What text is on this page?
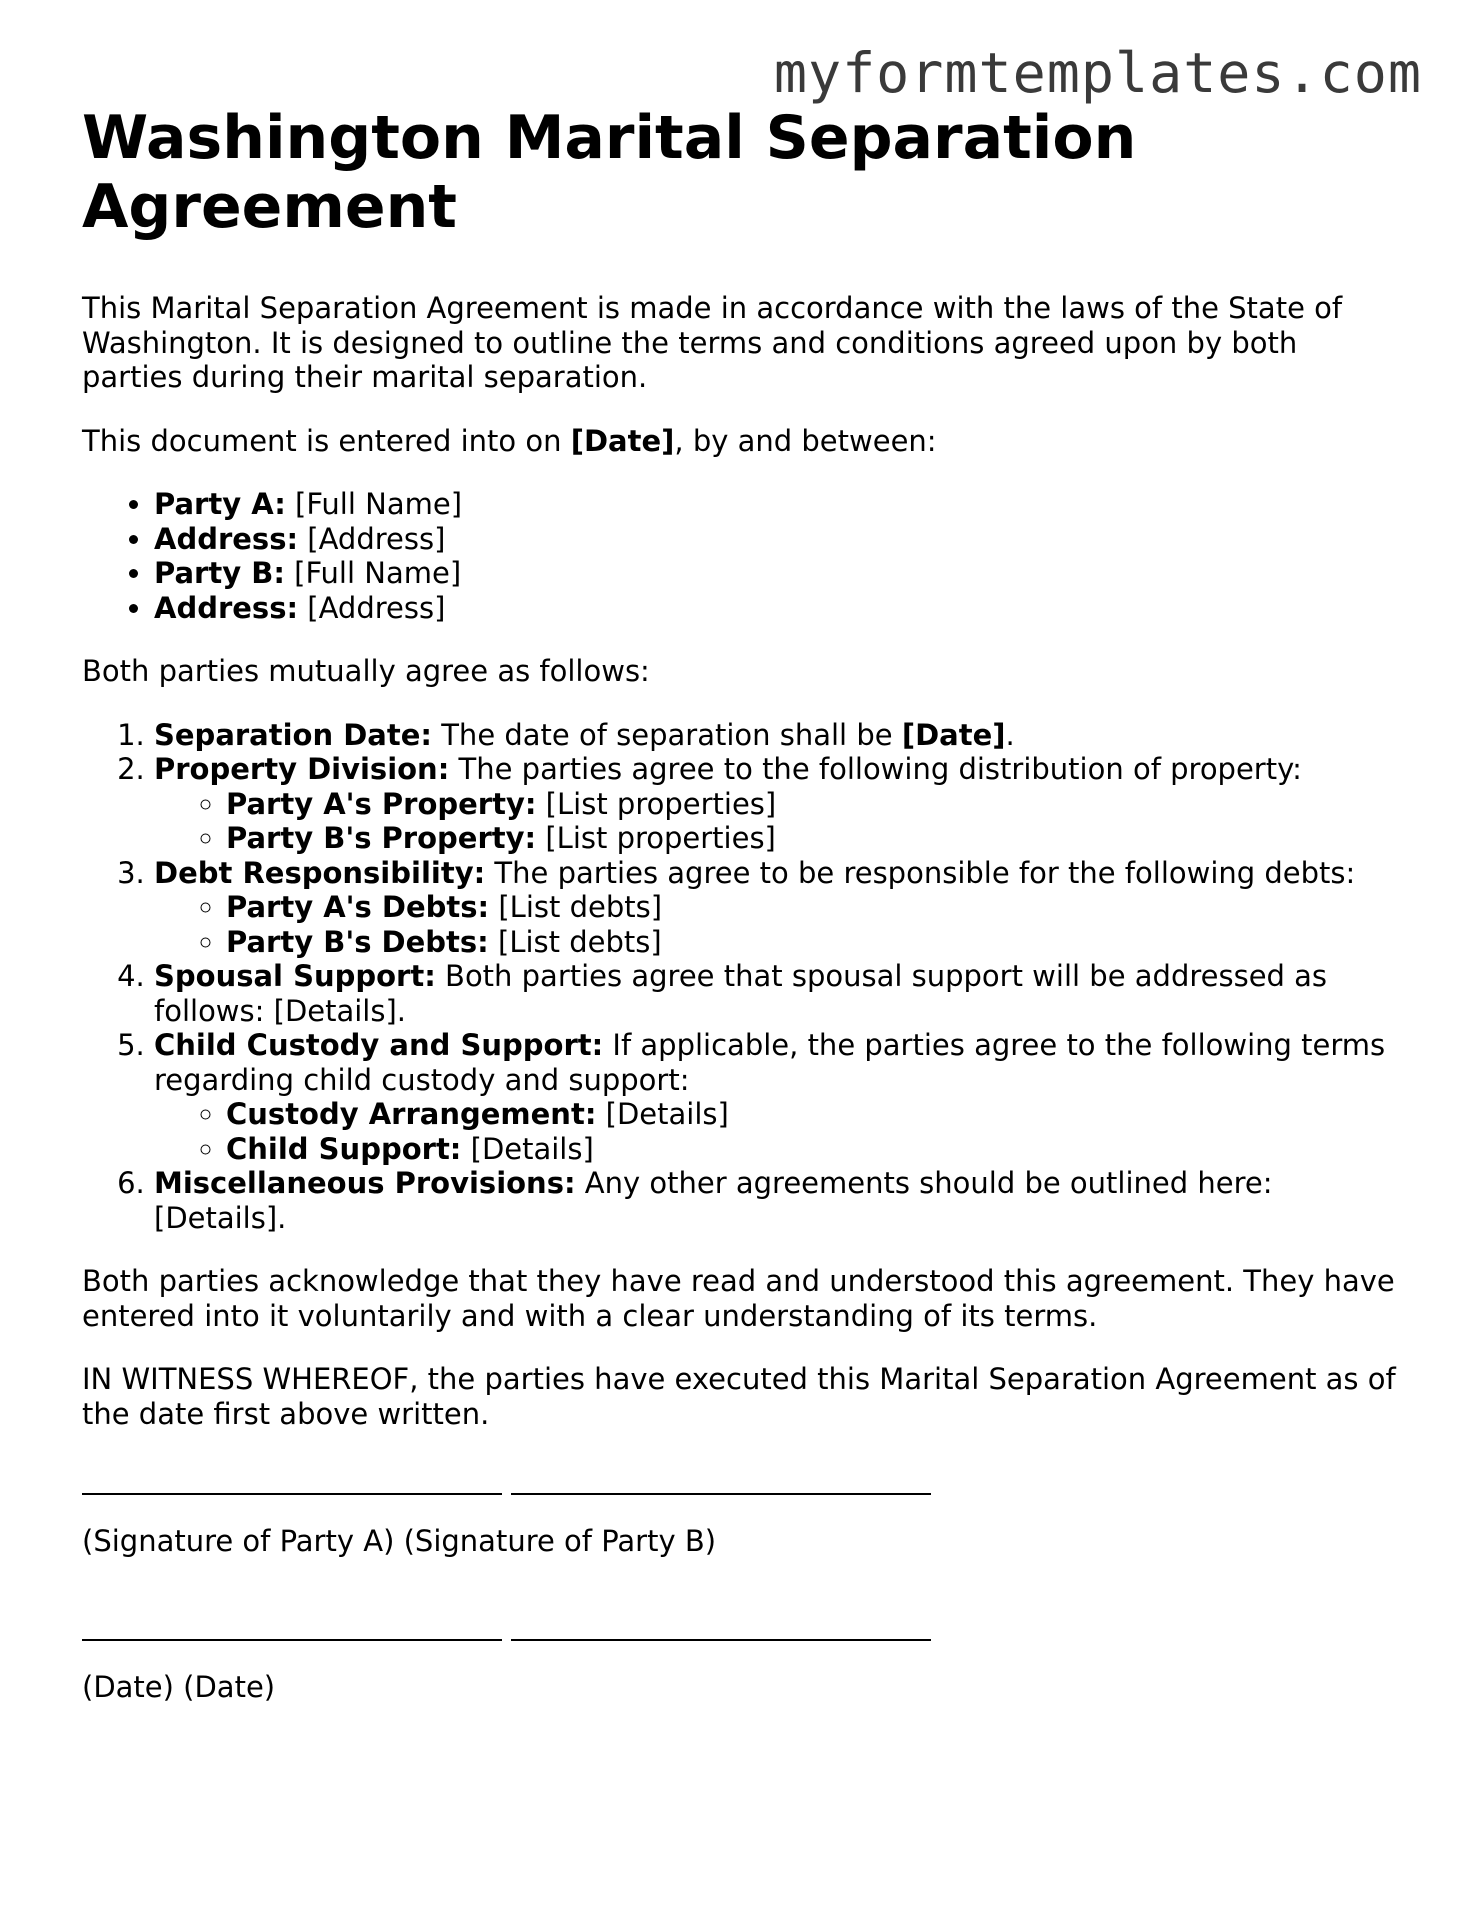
myformtemplates.com
Washington Marital Separation Agreement

This Marital Separation Agreement is made in accordance with the laws of the State of Washington. It is designed to outline the terms and conditions agreed upon by both parties during their marital separation.

This document is entered into on [Date], by and between:

• Party A: [Full Name]
• Address: [Address]
• Party B: [Full Name]
• Address: [Address]

Both parties mutually agree as follows:

1. Separation Date: The date of separation shall be [Date].
2. Property Division: The parties agree to the following distribution of property:
◦ Party A's Property: [List properties]
◦ Party B's Property: [List properties]
3. Debt Responsibility: The parties agree to be responsible for the following debts:
◦ Party A's Debts: [List debts]
◦ Party B's Debts: [List debts]
4. Spousal Support: Both parties agree that spousal support will be addressed as follows: [Details].
5. Child Custody and Support: If applicable, the parties agree to the following terms regarding child custody and support:
◦ Custody Arrangement: [Details]
◦ Child Support: [Details]
6. Miscellaneous Provisions: Any other agreements should be outlined here: [Details].

Both parties acknowledge that they have read and understood this agreement. They have entered into it voluntarily and with a clear understanding of its terms.

IN WITNESS WHEREOF, the parties have executed this Marital Separation Agreement as of the date first above written.

(Signature of Party A) (Signature of Party B)

(Date) (Date)
